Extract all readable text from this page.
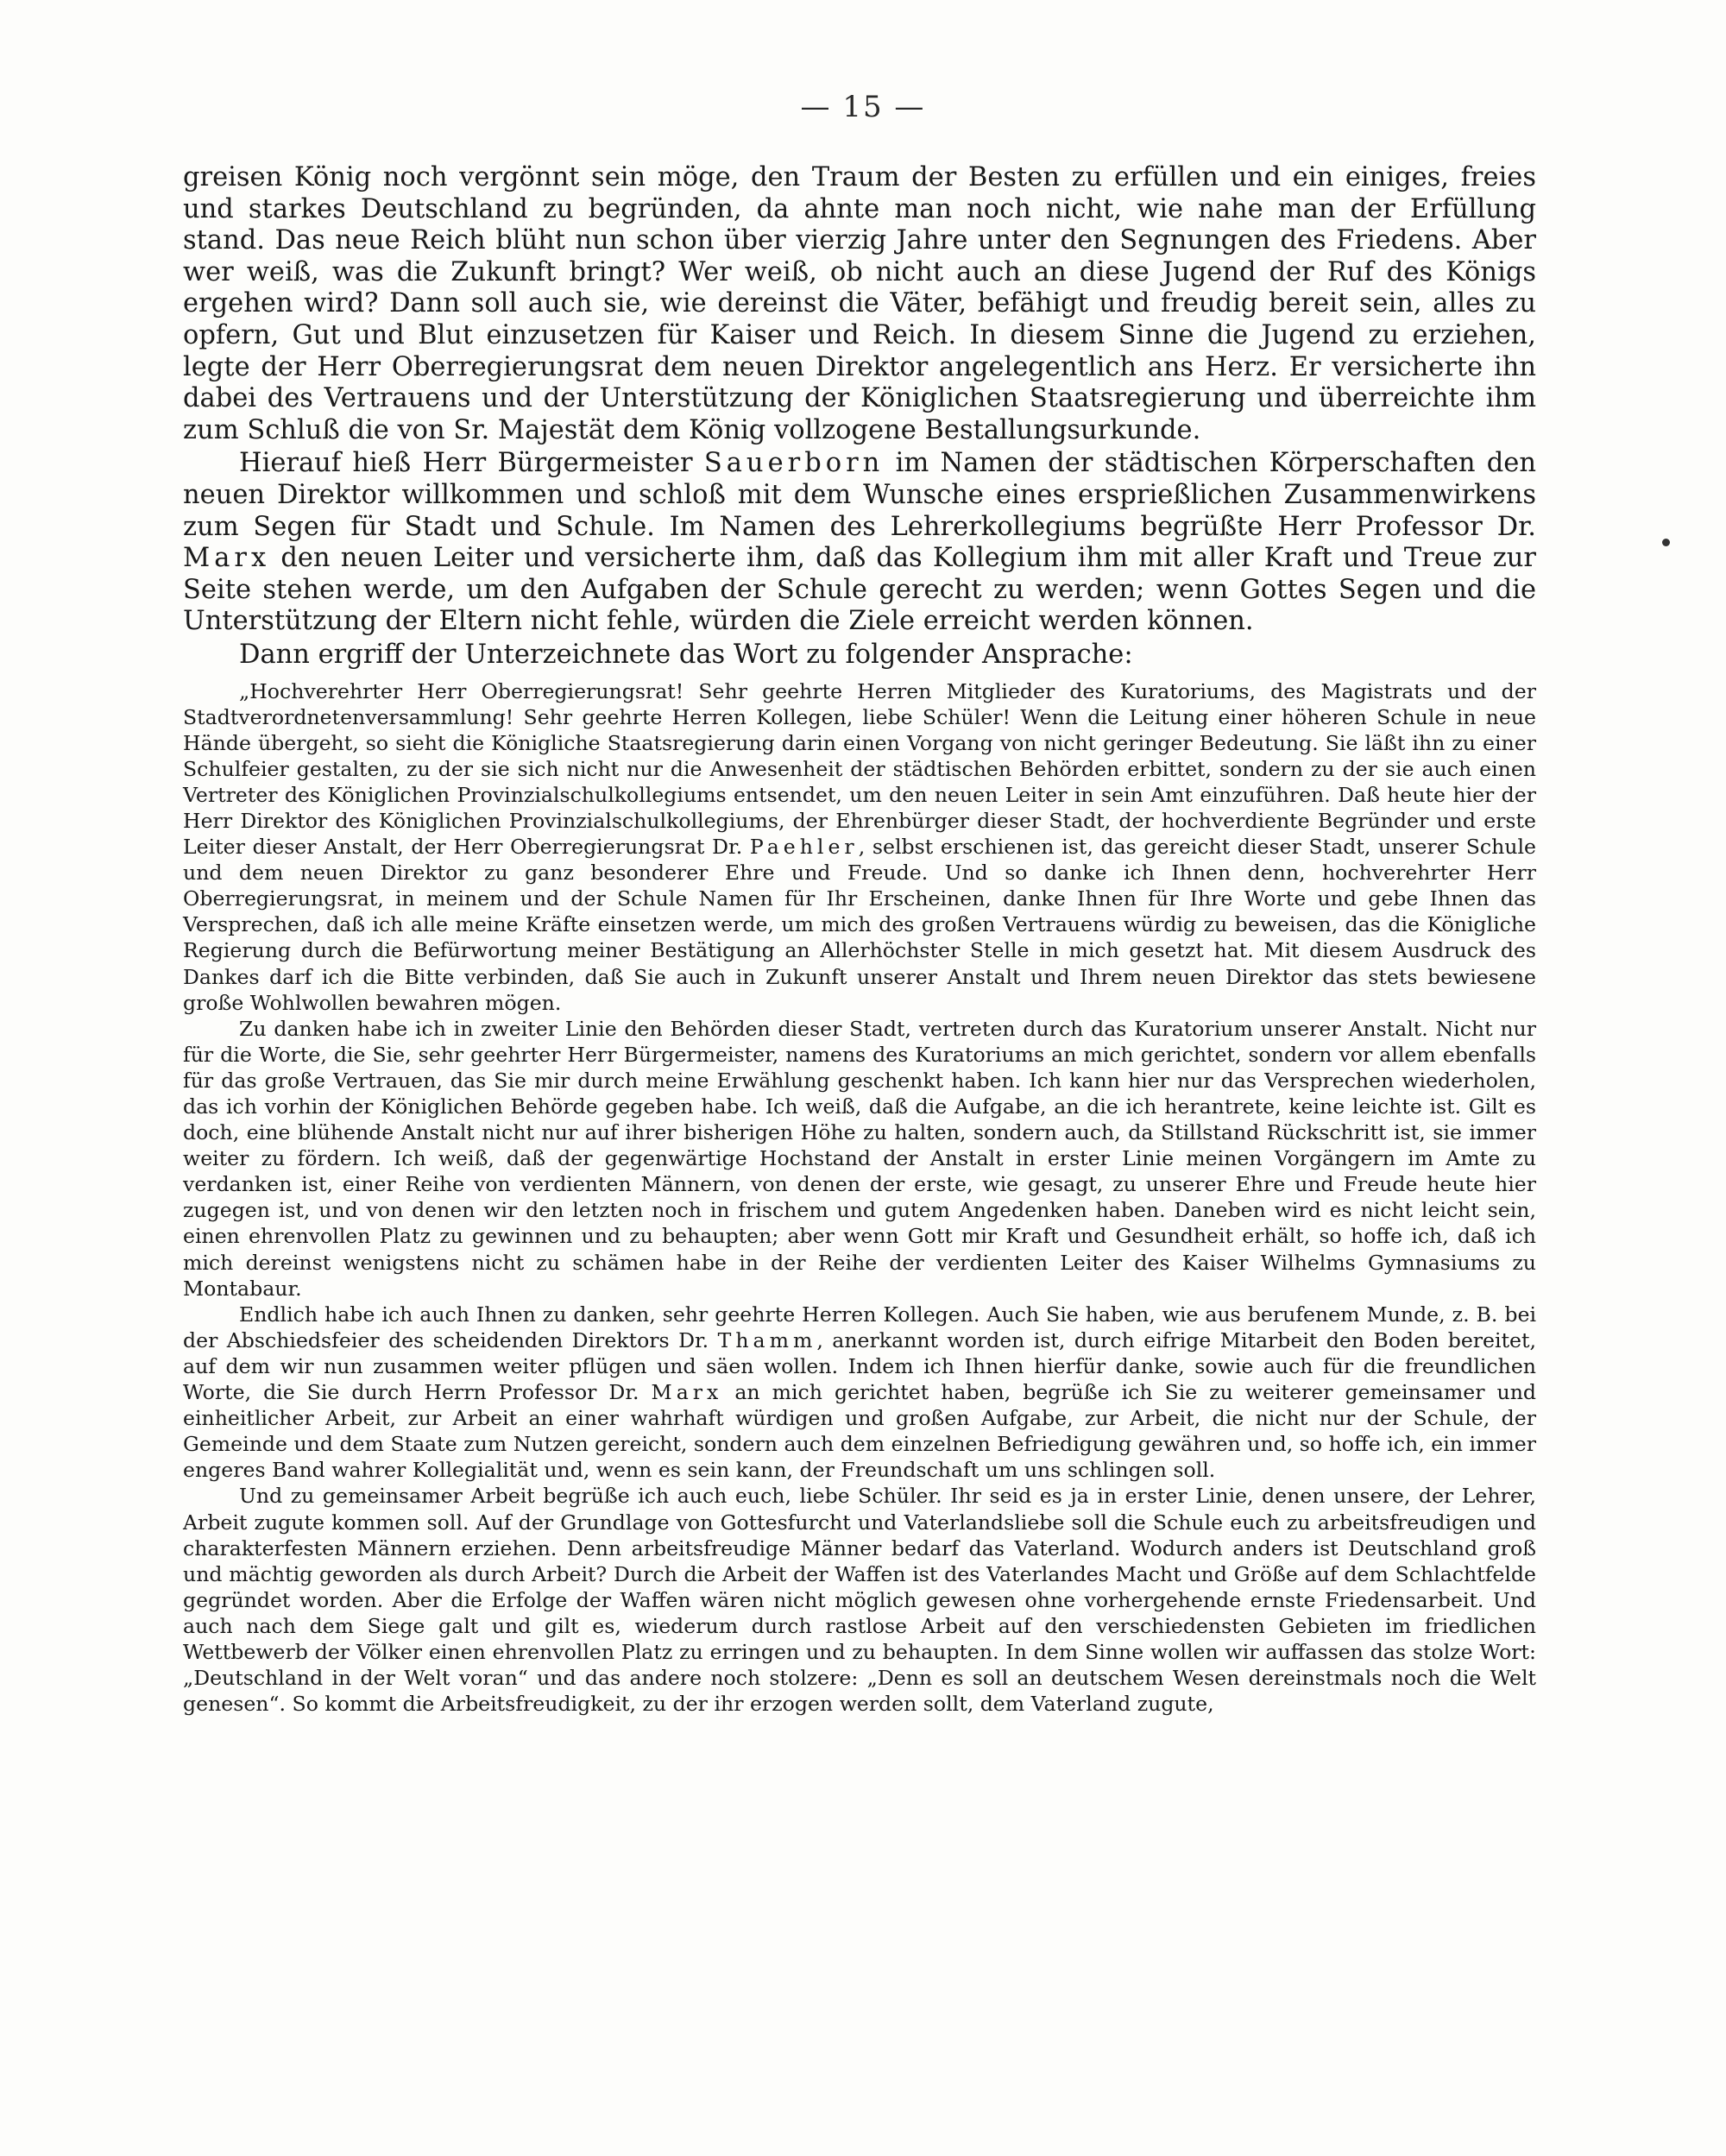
— 15 —

greisen König noch vergönnt sein möge, den Traum der Besten zu erfüllen und ein einiges, freies und starkes Deutschland zu begründen, da ahnte man noch nicht, wie nahe man der Erfüllung stand. Das neue Reich blüht nun schon über vierzig Jahre unter den Segnungen des Friedens. Aber wer weiß, was die Zukunft bringt? Wer weiß, ob nicht auch an diese Jugend der Ruf des Königs ergehen wird? Dann soll auch sie, wie dereinst die Väter, befähigt und freudig bereit sein, alles zu opfern, Gut und Blut einzusetzen für Kaiser und Reich. In diesem Sinne die Jugend zu erziehen, legte der Herr Oberregierungsrat dem neuen Direktor angelegentlich ans Herz. Er versicherte ihn dabei des Vertrauens und der Unterstützung der Königlichen Staatsregierung und überreichte ihm zum Schluß die von Sr. Majestät dem König vollzogene Bestallungsurkunde.

Hierauf hieß Herr Bürgermeister Sauerborn im Namen der städtischen Körperschaften den neuen Direktor willkommen und schloß mit dem Wunsche eines ersprießlichen Zusammenwirkens zum Segen für Stadt und Schule. Im Namen des Lehrerkollegiums begrüßte Herr Professor Dr. Marx den neuen Leiter und versicherte ihm, daß das Kollegium ihm mit aller Kraft und Treue zur Seite stehen werde, um den Aufgaben der Schule gerecht zu werden; wenn Gottes Segen und die Unterstützung der Eltern nicht fehle, würden die Ziele erreicht werden können.

Dann ergriff der Unterzeichnete das Wort zu folgender Ansprache:

„Hochverehrter Herr Oberregierungsrat! Sehr geehrte Herren Mitglieder des Kuratoriums, des Magistrats und der Stadtverordnetenversammlung! Sehr geehrte Herren Kollegen, liebe Schüler! Wenn die Leitung einer höheren Schule in neue Hände übergeht, so sieht die Königliche Staatsregierung darin einen Vorgang von nicht geringer Bedeutung. Sie läßt ihn zu einer Schulfeier gestalten, zu der sie sich nicht nur die Anwesenheit der städtischen Behörden erbittet, sondern zu der sie auch einen Vertreter des Königlichen Provinzialschulkollegiums entsendet, um den neuen Leiter in sein Amt einzuführen. Daß heute hier der Herr Direktor des Königlichen Provinzialschulkollegiums, der Ehrenbürger dieser Stadt, der hochverdiente Begründer und erste Leiter dieser Anstalt, der Herr Oberregierungsrat Dr. Paehler, selbst erschienen ist, das gereicht dieser Stadt, unserer Schule und dem neuen Direktor zu ganz besonderer Ehre und Freude. Und so danke ich Ihnen denn, hochverehrter Herr Oberregierungsrat, in meinem und der Schule Namen für Ihr Erscheinen, danke Ihnen für Ihre Worte und gebe Ihnen das Versprechen, daß ich alle meine Kräfte einsetzen werde, um mich des großen Vertrauens würdig zu beweisen, das die Königliche Regierung durch die Befürwortung meiner Bestätigung an Allerhöchster Stelle in mich gesetzt hat. Mit diesem Ausdruck des Dankes darf ich die Bitte verbinden, daß Sie auch in Zukunft unserer Anstalt und Ihrem neuen Direktor das stets bewiesene große Wohlwollen bewahren mögen.

Zu danken habe ich in zweiter Linie den Behörden dieser Stadt, vertreten durch das Kuratorium unserer Anstalt. Nicht nur für die Worte, die Sie, sehr geehrter Herr Bürgermeister, namens des Kuratoriums an mich gerichtet, sondern vor allem ebenfalls für das große Vertrauen, das Sie mir durch meine Erwählung geschenkt haben. Ich kann hier nur das Versprechen wiederholen, das ich vorhin der Königlichen Behörde gegeben habe. Ich weiß, daß die Aufgabe, an die ich herantrete, keine leichte ist. Gilt es doch, eine blühende Anstalt nicht nur auf ihrer bisherigen Höhe zu halten, sondern auch, da Stillstand Rückschritt ist, sie immer weiter zu fördern. Ich weiß, daß der gegenwärtige Hochstand der Anstalt in erster Linie meinen Vorgängern im Amte zu verdanken ist, einer Reihe von verdienten Männern, von denen der erste, wie gesagt, zu unserer Ehre und Freude heute hier zugegen ist, und von denen wir den letzten noch in frischem und gutem Angedenken haben. Daneben wird es nicht leicht sein, einen ehrenvollen Platz zu gewinnen und zu behaupten; aber wenn Gott mir Kraft und Gesundheit erhält, so hoffe ich, daß ich mich dereinst wenigstens nicht zu schämen habe in der Reihe der verdienten Leiter des Kaiser Wilhelms Gymnasiums zu Montabaur.

Endlich habe ich auch Ihnen zu danken, sehr geehrte Herren Kollegen. Auch Sie haben, wie aus berufenem Munde, z. B. bei der Abschiedsfeier des scheidenden Direktors Dr. Thamm, anerkannt worden ist, durch eifrige Mitarbeit den Boden bereitet, auf dem wir nun zusammen weiter pflügen und säen wollen. Indem ich Ihnen hierfür danke, sowie auch für die freundlichen Worte, die Sie durch Herrn Professor Dr. Marx an mich gerichtet haben, begrüße ich Sie zu weiterer gemeinsamer und einheitlicher Arbeit, zur Arbeit an einer wahrhaft würdigen und großen Aufgabe, zur Arbeit, die nicht nur der Schule, der Gemeinde und dem Staate zum Nutzen gereicht, sondern auch dem einzelnen Befriedigung gewähren und, so hoffe ich, ein immer engeres Band wahrer Kollegialität und, wenn es sein kann, der Freundschaft um uns schlingen soll.

Und zu gemeinsamer Arbeit begrüße ich auch euch, liebe Schüler. Ihr seid es ja in erster Linie, denen unsere, der Lehrer, Arbeit zugute kommen soll. Auf der Grundlage von Gottesfurcht und Vaterlandsliebe soll die Schule euch zu arbeitsfreudigen und charakterfesten Männern erziehen. Denn arbeitsfreudige Männer bedarf das Vaterland. Wodurch anders ist Deutschland groß und mächtig geworden als durch Arbeit? Durch die Arbeit der Waffen ist des Vaterlandes Macht und Größe auf dem Schlachtfelde gegründet worden. Aber die Erfolge der Waffen wären nicht möglich gewesen ohne vorhergehende ernste Friedensarbeit. Und auch nach dem Siege galt und gilt es, wiederum durch rastlose Arbeit auf den verschiedensten Gebieten im friedlichen Wettbewerb der Völker einen ehrenvollen Platz zu erringen und zu behaupten. In dem Sinne wollen wir auffassen das stolze Wort: „Deutschland in der Welt voran“ und das andere noch stolzere: „Denn es soll an deutschem Wesen dereinstmals noch die Welt genesen“. So kommt die Arbeitsfreudigkeit, zu der ihr erzogen werden sollt, dem Vaterland zugute,
